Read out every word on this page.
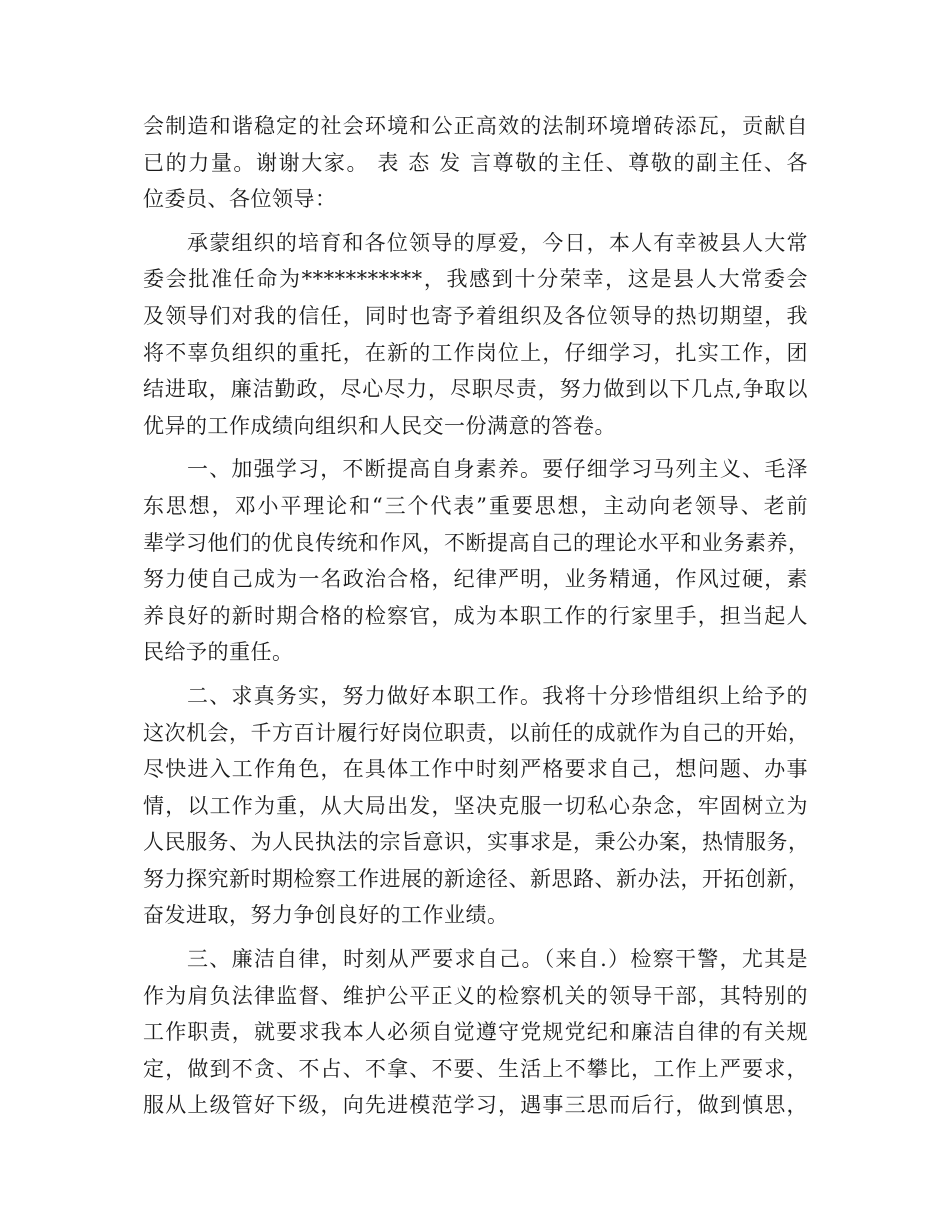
会制造和谐稳定的社会环境和公正高效的法制环境增砖添瓦，贡献自
已的力量。谢谢大家。 表 态 发 言尊敬的主任、尊敬的副主任、各
位委员、各位领导：
承蒙组织的培育和各位领导的厚爱，今日，本人有幸被县人大常
委会批准任命为***********，我感到十分荣幸，这是县人大常委会
及领导们对我的信任，同时也寄予着组织及各位领导的热切期望，我
将不辜负组织的重托，在新的工作岗位上，仔细学习，扎实工作，团
结进取，廉洁勤政，尽心尽力，尽职尽责，努力做到以下几点,争取以
优异的工作成绩向组织和人民交一份满意的答卷。
一、加强学习，不断提高自身素养。要仔细学习马列主义、毛泽
东思想，邓小平理论和“三个代表”重要思想，主动向老领导、老前
辈学习他们的优良传统和作风，不断提高自己的理论水平和业务素养，
努力使自己成为一名政治合格，纪律严明，业务精通，作风过硬，素
养良好的新时期合格的检察官，成为本职工作的行家里手，担当起人
民给予的重任。
二、求真务实，努力做好本职工作。我将十分珍惜组织上给予的
这次机会，千方百计履行好岗位职责，以前任的成就作为自己的开始，
尽快进入工作角色，在具体工作中时刻严格要求自己，想问题、办事
情，以工作为重，从大局出发，坚决克服一切私心杂念，牢固树立为
人民服务、为人民执法的宗旨意识，实事求是，秉公办案，热情服务，
努力探究新时期检察工作进展的新途径、新思路、新办法，开拓创新，
奋发进取，努力争创良好的工作业绩。
三、廉洁自律，时刻从严要求自己。（来自.）检察干警，尤其是
作为肩负法律监督、维护公平正义的检察机关的领导干部，其特别的
工作职责，就要求我本人必须自觉遵守党规党纪和廉洁自律的有关规
定，做到不贪、不占、不拿、不要、生活上不攀比，工作上严要求，
服从上级管好下级，向先进模范学习，遇事三思而后行，做到慎思，
